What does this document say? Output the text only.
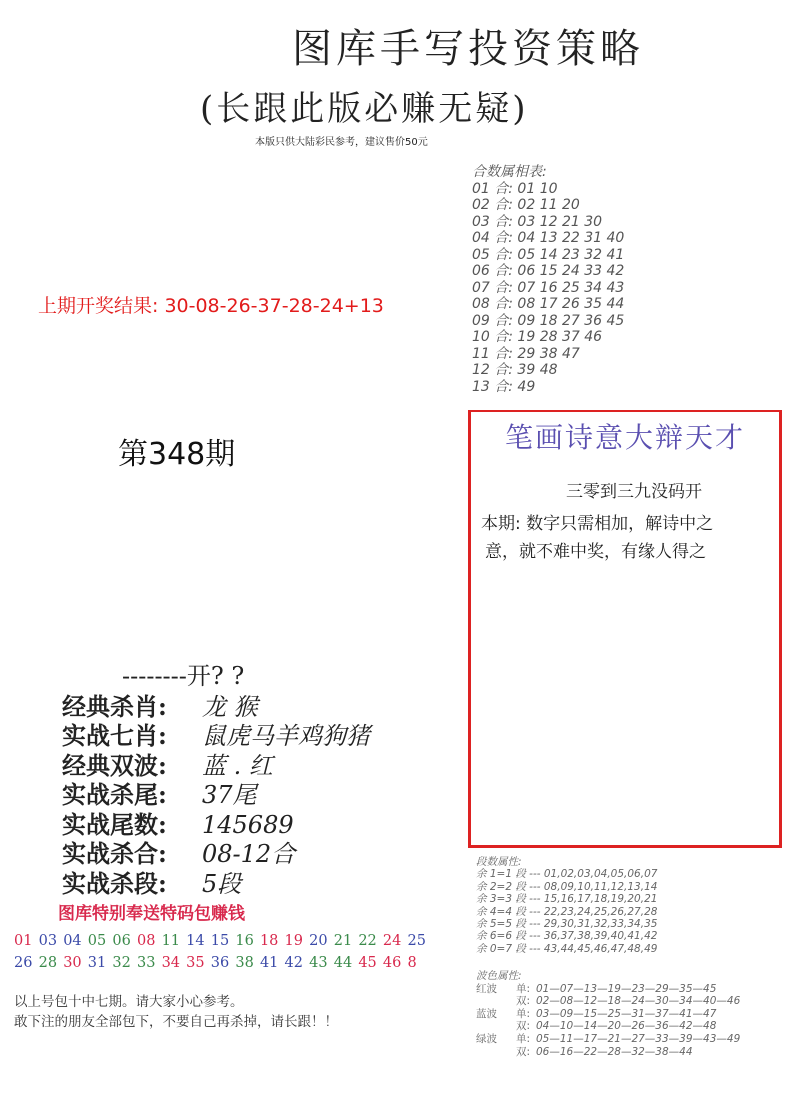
图库手写投资策略
(长跟此版必赚无疑)
本版只供大陆彩民参考，建议售价50元
上期开奖结果: 30-08-26-37-28-24+13
第348期
合数属相表:
01 合: 01 10
02 合: 02 11 20
03 合: 03 12 21 30
04 合: 04 13 22 31 40
05 合: 05 14 23 32 41
06 合: 06 15 24 33 42
07 合: 07 16 25 34 43
08 合: 08 17 26 35 44
09 合: 09 18 27 36 45
10 合: 19 28 37 46
11 合: 29 38 47
12 合: 39 48
13 合: 49
笔画诗意大辩天才
三零到三九没码开
本期: 数字只需相加，解诗中之
意，就不难中奖，有缘人得之
--------开? ?
经典杀肖: 龙 猴
实战七肖: 鼠虎马羊鸡狗猪
经典双波: 蓝 . 红
实战杀尾: 37尾
实战尾数: 145689
实战杀合: 08-12合
实战杀段: 5段
图库特别奉送特码包赚钱
01 03 04 05 06 08 11 14 15 16 18 19 20 21 22 24 2526 28 30 31 32 33 34 35 36 38 41 42 43 44 45 46 8
以上号包十中七期。请大家小心参考。
敢下注的朋友全部包下，不要自己再杀掉，请长跟！！
段数属性:
余 1=1 段 --- 01,02,03,04,05,06,07
余 2=2 段 --- 08,09,10,11,12,13,14
余 3=3 段 --- 15,16,17,18,19,20,21
余 4=4 段 --- 22,23,24,25,26,27,28
余 5=5 段 --- 29,30,31,32,33,34,35
余 6=6 段 --- 36,37,38,39,40,41,42
余 0=7 段 --- 43,44,45,46,47,48,49
波色属性:
红波 单: 01—07—13—19—23—29—35—45
双: 02—08—12—18—24—30—34—40—46
蓝波 单: 03—09—15—25—31—37—41—47
双: 04—10—14—20—26—36—42—48
绿波 单: 05—11—17—21—27—33—39—43—49
双: 06—16—22—28—32—38—44
